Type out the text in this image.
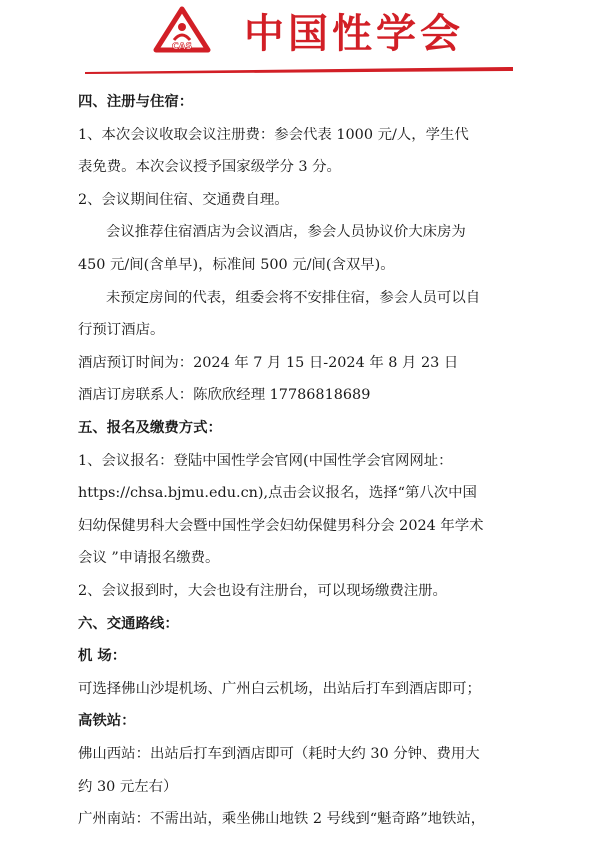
CAS 中国性学会
四、注册与住宿：
1、本次会议收取会议注册费：参会代表 1000 元/人，学生代
表免费。本次会议授予国家级学分 3 分。
2、会议期间住宿、交通费自理。
会议推荐住宿酒店为会议酒店，参会人员协议价大床房为
450 元/间(含单早)，标准间 500 元/间(含双早)。
未预定房间的代表，组委会将不安排住宿，参会人员可以自
行预订酒店。
酒店预订时间为：2024 年 7 月 15 日-2024 年 8 月 23 日
酒店订房联系人：陈欣欣经理 17786818689
五、报名及缴费方式：
1、会议报名：登陆中国性学会官网(中国性学会官网网址：
https://chsa.bjmu.edu.cn),点击会议报名，选择“第八次中国
妇幼保健男科大会暨中国性学会妇幼保健男科分会 2024 年学术
会议 ”申请报名缴费。
2、会议报到时，大会也设有注册台，可以现场缴费注册。
六、交通路线：
机 场：
可选择佛山沙堤机场、广州白云机场，出站后打车到酒店即可；
高铁站：
佛山西站：出站后打车到酒店即可（耗时大约 30 分钟、费用大
约 30 元左右）
广州南站：不需出站，乘坐佛山地铁 2 号线到“魁奇路”地铁站，
